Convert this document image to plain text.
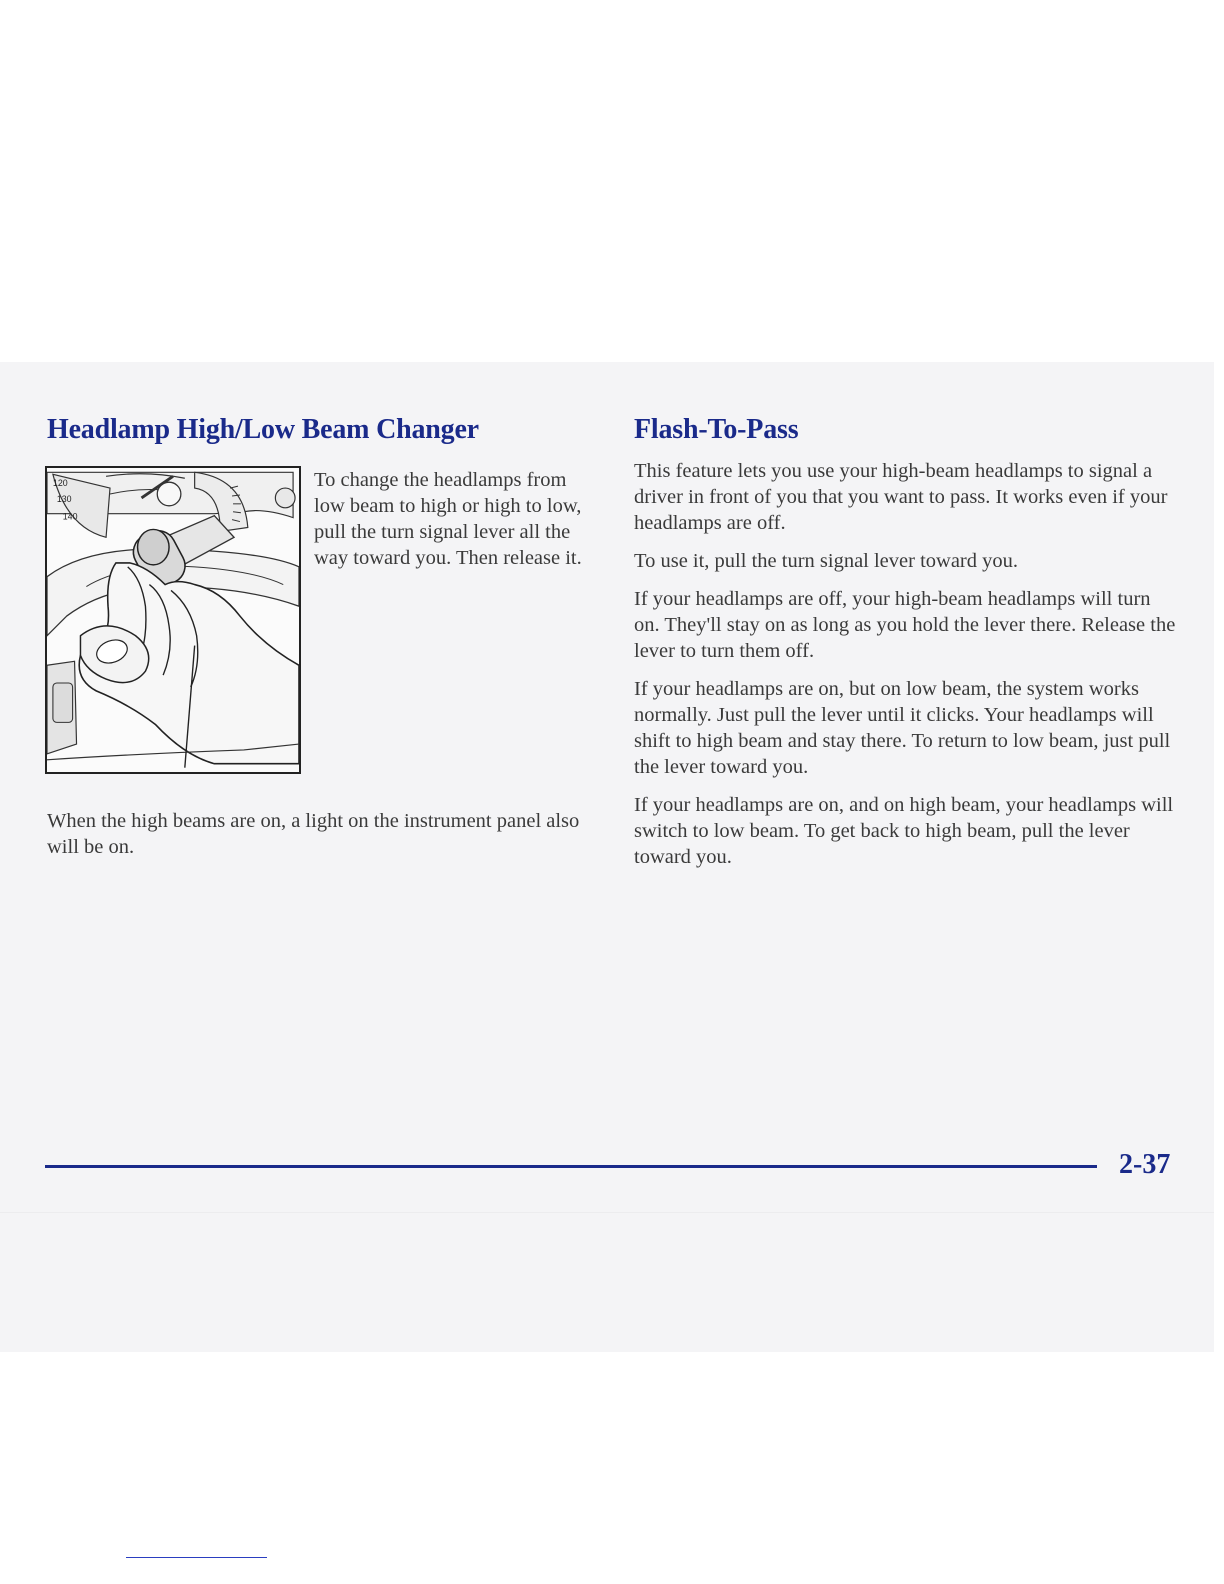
Headlamp High/Low Beam Changer
120
130
140

To change the headlamps from low beam to high or high to low, pull the turn signal lever all the way toward you. Then release it.

When the high beams are on, a light on the instrument panel also will be on.

Flash-To-Pass

This feature lets you use your high-beam headlamps to signal a driver in front of you that you want to pass. It works even if your headlamps are off.

To use it, pull the turn signal lever toward you.

If your headlamps are off, your high-beam headlamps will turn on. They'll stay on as long as you hold the lever there. Release the lever to turn them off.

If your headlamps are on, but on low beam, the system works normally. Just pull the lever until it clicks. Your headlamps will shift to high beam and stay there. To return to low beam, just pull the lever toward you.

If your headlamps are on, and on high beam, your headlamps will switch to low beam. To get back to high beam, pull the lever toward you.

2-37
